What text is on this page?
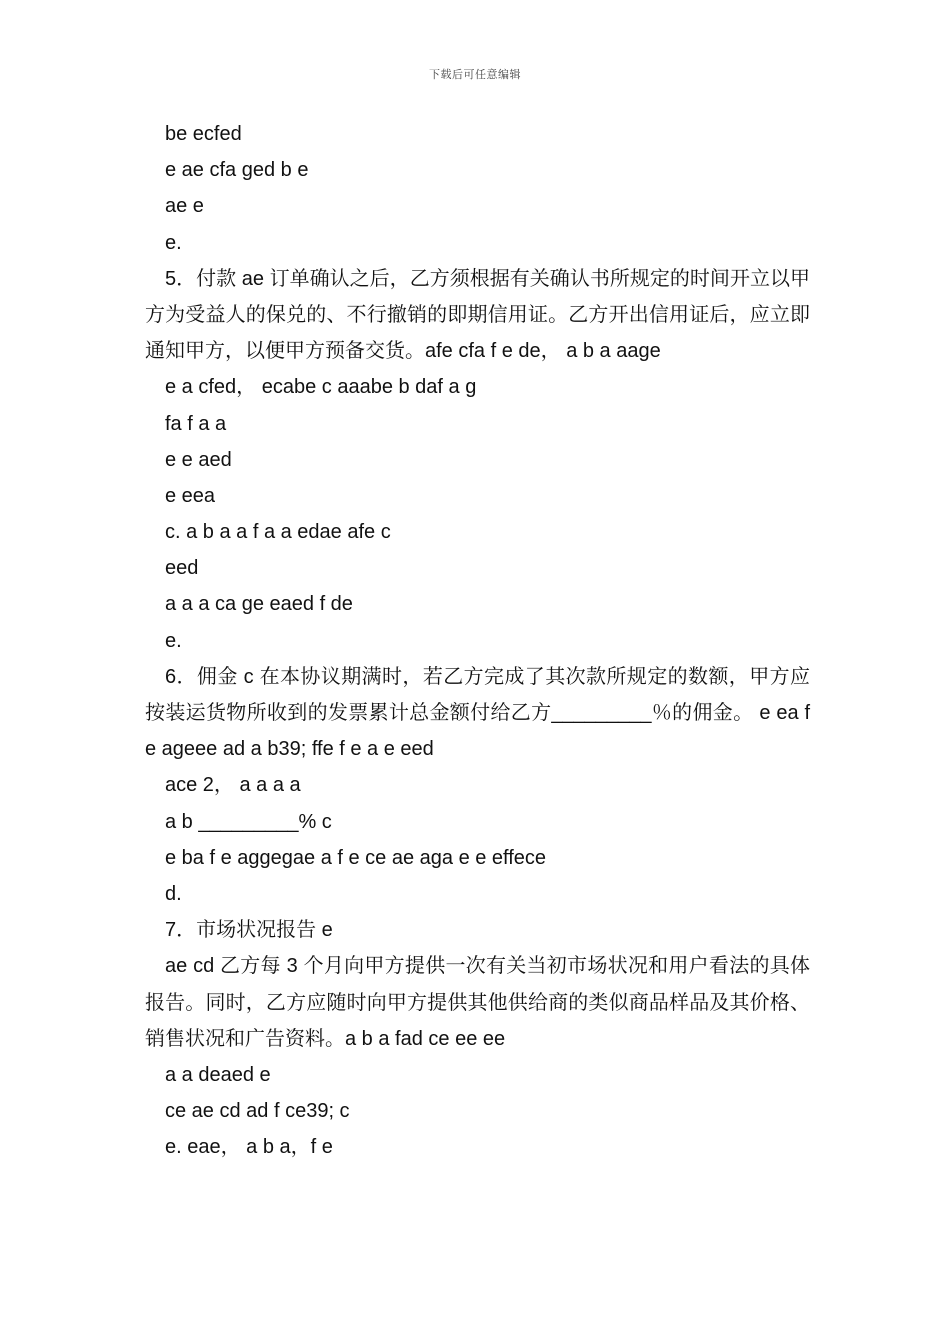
下载后可任意编辑
be ecfed
e ae cfa ged b e
ae e
e.
5．付款 ae 订单确认之后，乙方须根据有关确认书所规定的时间开立以甲方为受益人的保兑的、不行撤销的即期信用证。乙方开出信用证后，应立即通知甲方，以便甲方预备交货。afe cfa f e de， a b a aage
e a cfed， ecabe c aaabe b daf a g
fa f a a
e e aed
e eea
c. a b a a f a a edae afe c
eed
a a a ca ge eaed f de
e.
6．佣金 c 在本协议期满时，若乙方完成了其次款所规定的数额，甲方应按装运货物所收到的发票累计总金额付给乙方_________％的佣金。 e ea f e ageee ad a b39; ffe f e a e eed
ace 2， a a a a
a b _________% c
e ba f e aggegae a f e ce ae aga e e effece
d.
7．市场状况报告 e
ae cd 乙方每 3 个月向甲方提供一次有关当初市场状况和用户看法的具体报告。同时，乙方应随时向甲方提供其他供给商的类似商品样品及其价格、销售状况和广告资料。a b a fad ce ee ee
a a deaed e
ce ae cd ad f ce39; c
e. eae， a b a，f e
